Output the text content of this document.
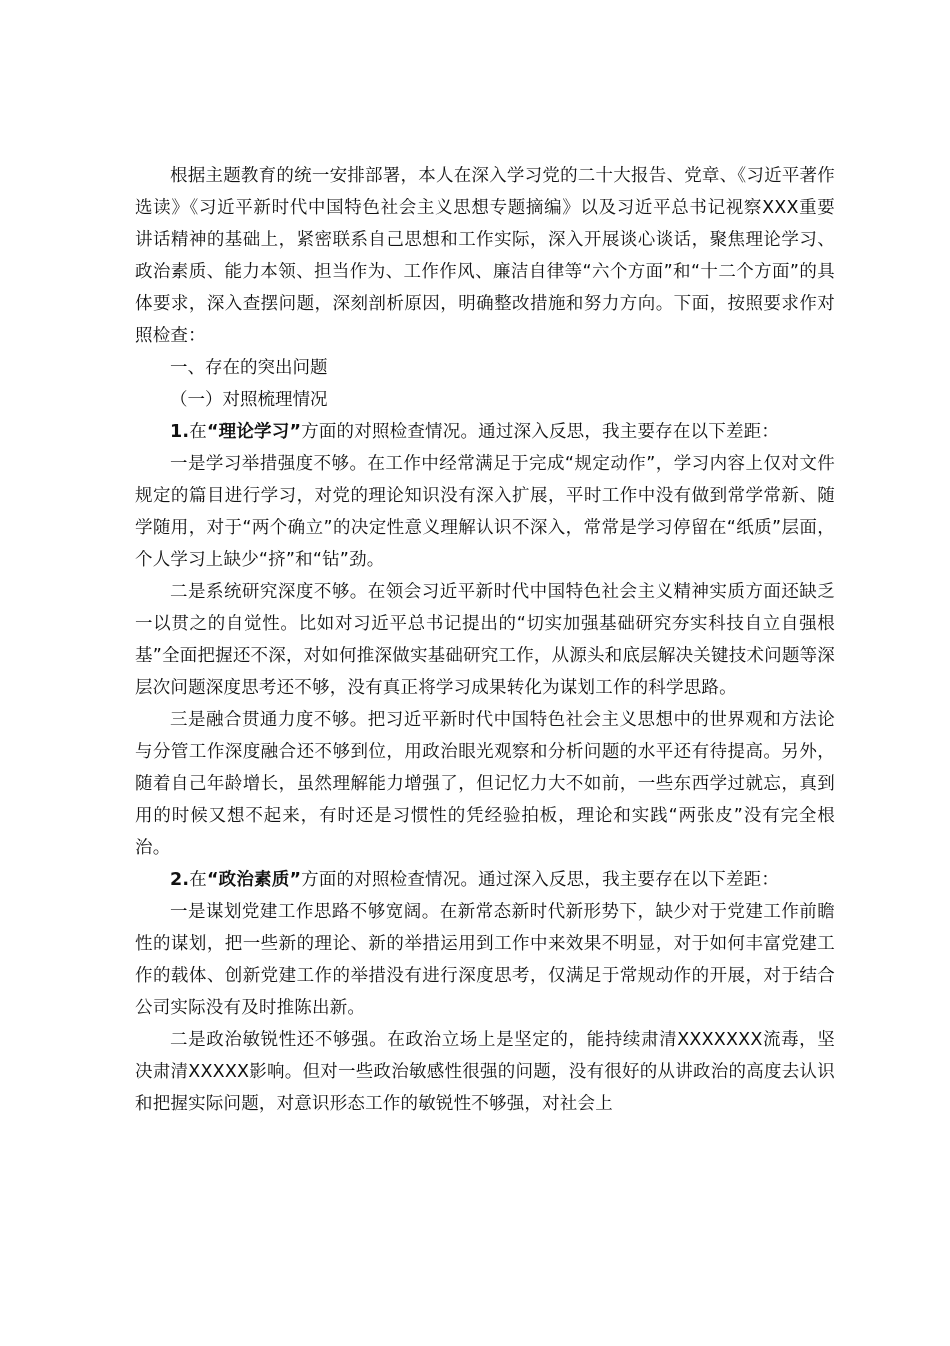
根据主题教育的统一安排部署，本人在深入学习党的二十大报告、党章、《习近平著作选读》《习近平新时代中国特色社会主义思想专题摘编》以及习近平总书记视察XXX重要讲话精神的基础上，紧密联系自己思想和工作实际，深入开展谈心谈话，聚焦理论学习、政治素质、能力本领、担当作为、工作作风、廉洁自律等“六个方面”和“十二个方面”的具体要求，深入查摆问题，深刻剖析原因，明确整改措施和努力方向。下面，按照要求作对照检查：

一、存在的突出问题

（一）对照梳理情况

1.在“理论学习”方面的对照检查情况。通过深入反思，我主要存在以下差距：

一是学习举措强度不够。在工作中经常满足于完成“规定动作”，学习内容上仅对文件规定的篇目进行学习，对党的理论知识没有深入扩展，平时工作中没有做到常学常新、随学随用，对于“两个确立”的决定性意义理解认识不深入，常常是学习停留在“纸质”层面，个人学习上缺少“挤”和“钻”劲。

二是系统研究深度不够。在领会习近平新时代中国特色社会主义精神实质方面还缺乏一以贯之的自觉性。比如对习近平总书记提出的“切实加强基础研究夯实科技自立自强根基”全面把握还不深，对如何推深做实基础研究工作，从源头和底层解决关键技术问题等深层次问题深度思考还不够，没有真正将学习成果转化为谋划工作的科学思路。

三是融合贯通力度不够。把习近平新时代中国特色社会主义思想中的世界观和方法论与分管工作深度融合还不够到位，用政治眼光观察和分析问题的水平还有待提高。另外，随着自己年龄增长，虽然理解能力增强了，但记忆力大不如前，一些东西学过就忘，真到用的时候又想不起来，有时还是习惯性的凭经验拍板，理论和实践“两张皮”没有完全根治。

2.在“政治素质”方面的对照检查情况。通过深入反思，我主要存在以下差距：

一是谋划党建工作思路不够宽阔。在新常态新时代新形势下，缺少对于党建工作前瞻性的谋划，把一些新的理论、新的举措运用到工作中来效果不明显，对于如何丰富党建工作的载体、创新党建工作的举措没有进行深度思考，仅满足于常规动作的开展，对于结合公司实际没有及时推陈出新。

二是政治敏锐性还不够强。在政治立场上是坚定的，能持续肃清XXXXXXX流毒，坚决肃清XXXXX影响。但对一些政治敏感性很强的问题，没有很好的从讲政治的高度去认识和把握实际问题，对意识形态工作的敏锐性不够强，对社会上
